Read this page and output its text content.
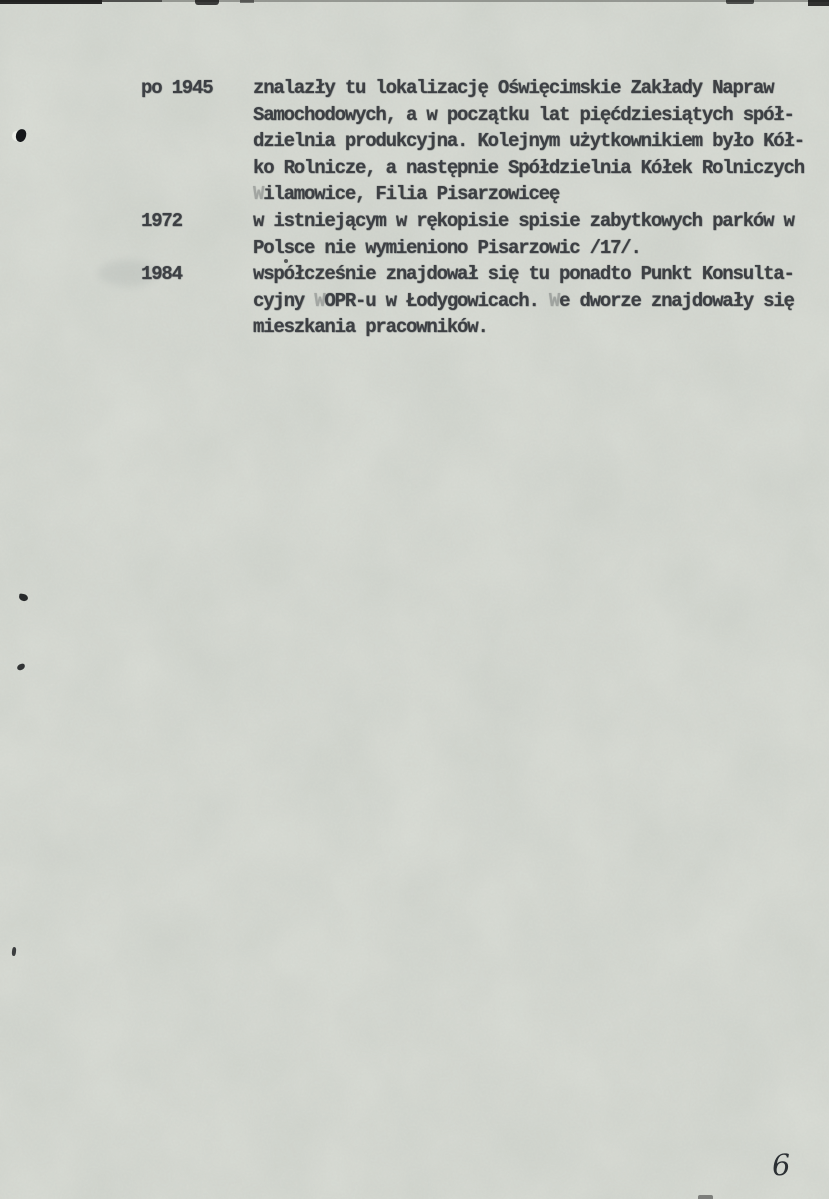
po 1945	znalazły tu lokalizację Oświęcimskie Zakłady Napraw
Samochodowych, a w początku lat pięćdziesiątych spół-
dzielnia produkcyjna. Kolejnym użytkownikiem było Kół-
ko Rolnicze, a następnie Spółdzielnia Kółek Rolniczych
Wilamowice, Filia Pisarzowiceę
1972	w istniejącym w rękopisie spisie zabytkowych parków w
Polsce nie wymieniono Pisarzowic /17/.
1984	współcześnie znajdował się tu ponadto Punkt Konsulta-
cyjny WOPR-u w Łodygowicach. We dworze znajdowały się
mieszkania pracowników.
6
